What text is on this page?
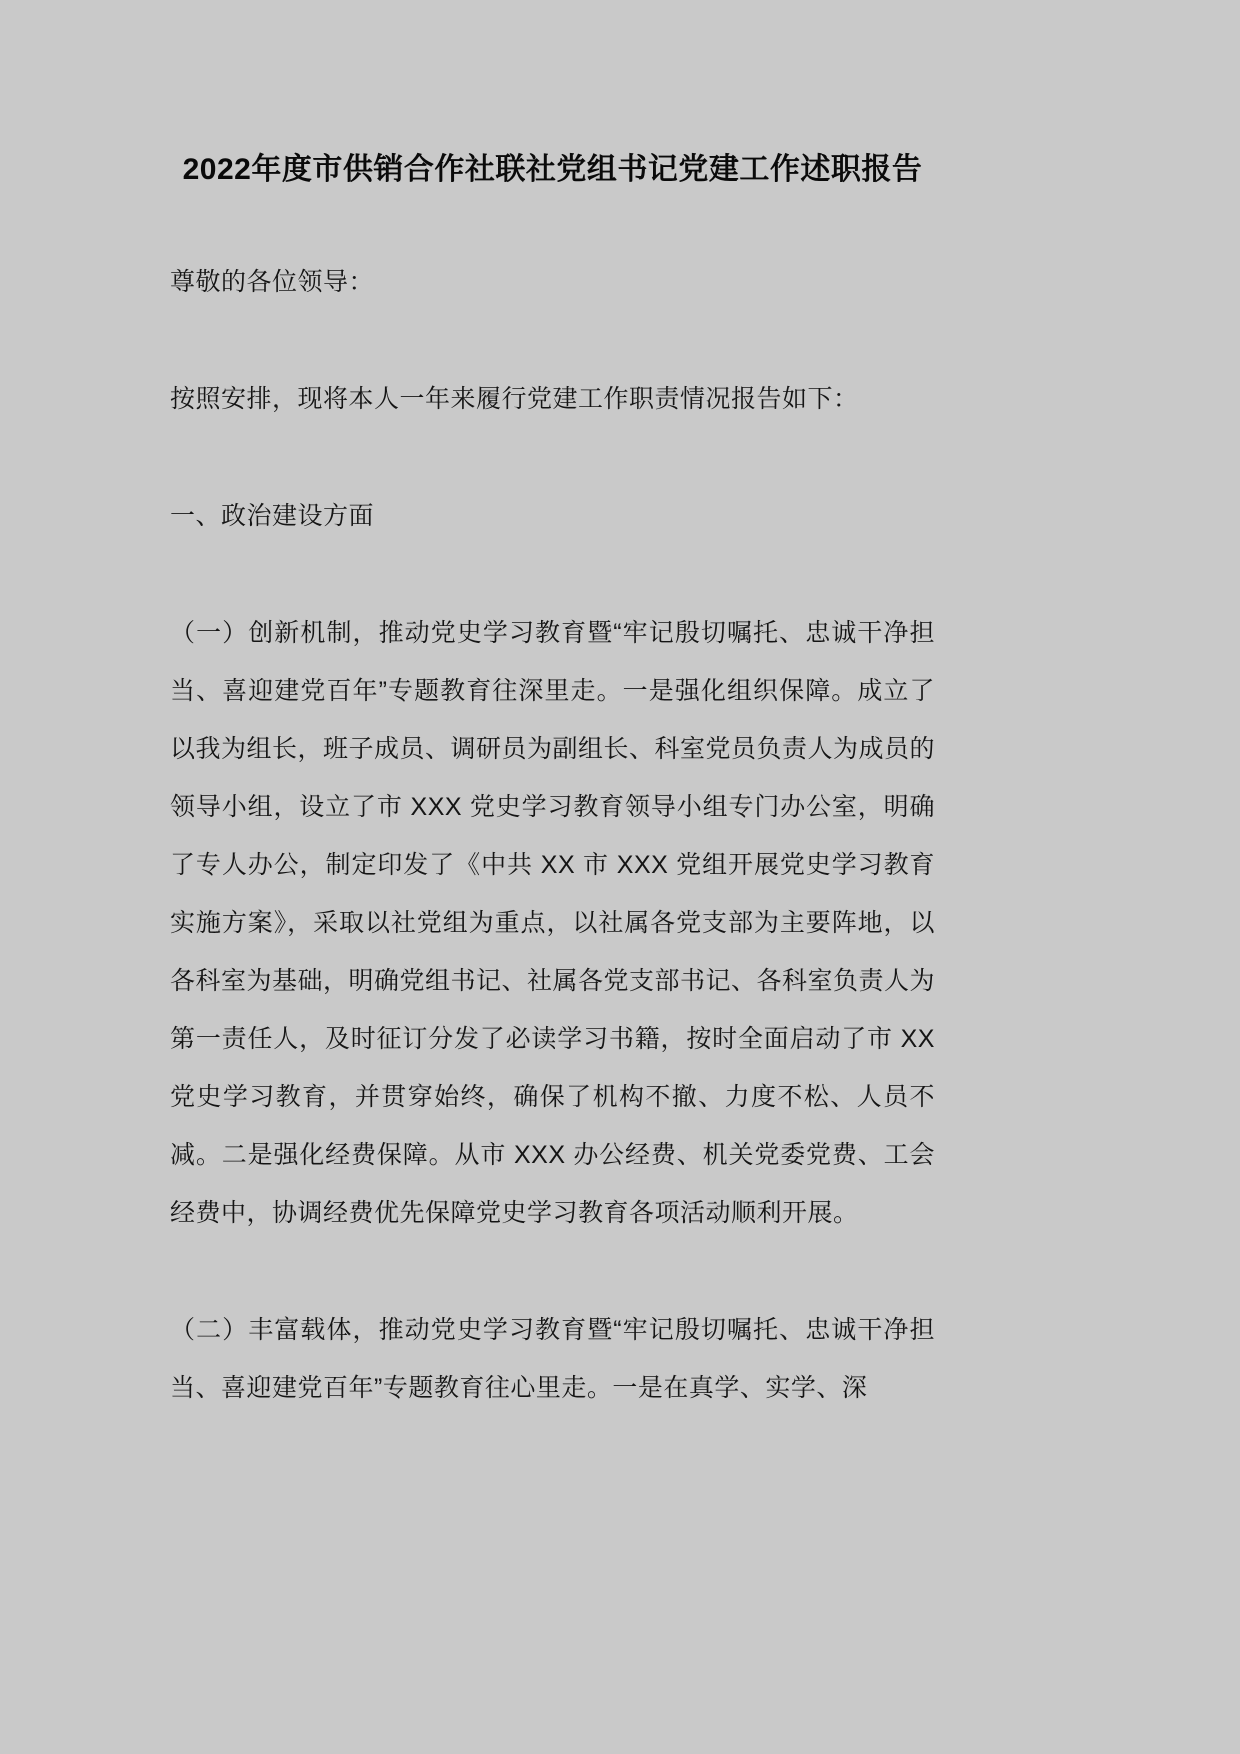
2022年度市供销合作社联社党组书记党建工作述职报告

尊敬的各位领导：

按照安排，现将本人一年来履行党建工作职责情况报告如下：

一、政治建设方面

（一）创新机制，推动党史学习教育暨“牢记殷切嘱托、忠诚干净担当、喜迎建党百年”专题教育往深里走。一是强化组织保障。成立了以我为组长，班子成员、调研员为副组长、科室党员负责人为成员的领导小组，设立了市 XXX 党史学习教育领导小组专门办公室，明确了专人办公，制定印发了《中共 XX 市 XXX 党组开展党史学习教育实施方案》，采取以社党组为重点，以社属各党支部为主要阵地，以各科室为基础，明确党组书记、社属各党支部书记、各科室负责人为第一责任人，及时征订分发了必读学习书籍，按时全面启动了市 XX 党史学习教育，并贯穿始终，确保了机构不撤、力度不松、人员不减。二是强化经费保障。从市 XXX 办公经费、机关党委党费、工会经费中，协调经费优先保障党史学习教育各项活动顺利开展。

（二）丰富载体，推动党史学习教育暨“牢记殷切嘱托、忠诚干净担当、喜迎建党百年”专题教育往心里走。一是在真学、实学、深
